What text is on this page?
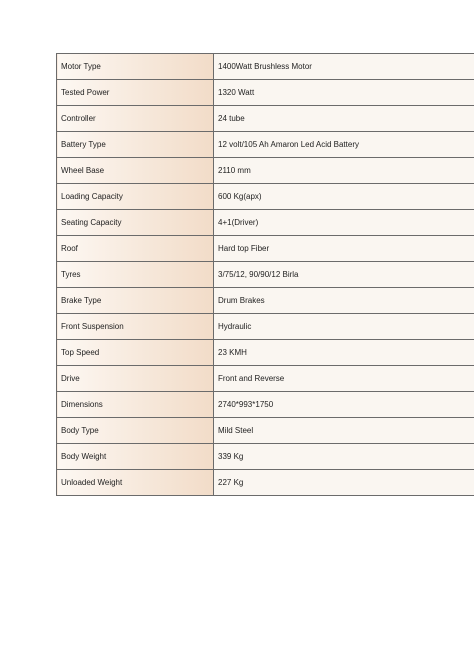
Motor Type	1400Watt Brushless Motor
Tested Power	1320 Watt
Controller	24 tube
Battery Type	12 volt/105 Ah Amaron Led Acid Battery
Wheel Base	2110 mm
Loading Capacity	600 Kg(apx)
Seating Capacity	4+1(Driver)
Roof	Hard top Fiber
Tyres	3/75/12, 90/90/12 Birla
Brake Type	Drum Brakes
Front Suspension	Hydraulic
Top Speed	23 KMH
Drive	Front and Reverse
Dimensions	2740*993*1750
Body Type	Mild Steel
Body Weight	339 Kg
Unloaded Weight	227 Kg
